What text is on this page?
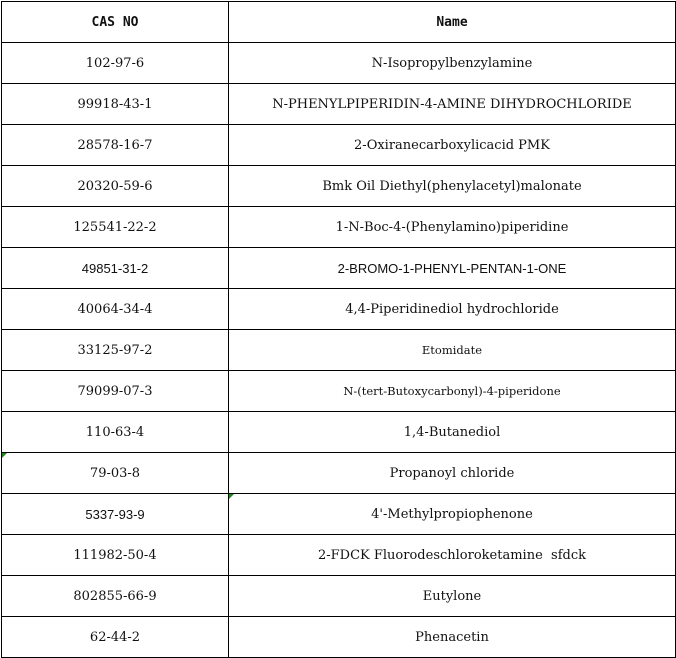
CAS NO	Name
102-97-6	N-Isopropylbenzylamine
99918-43-1	N-PHENYLPIPERIDIN-4-AMINE DIHYDROCHLORIDE
28578-16-7	2-Oxiranecarboxylicacid PMK
20320-59-6	Bmk Oil Diethyl(phenylacetyl)malonate
125541-22-2	1-N-Boc-4-(Phenylamino)piperidine
49851-31-2	2-BROMO-1-PHENYL-PENTAN-1-ONE
40064-34-4	4,4-Piperidinediol hydrochloride
33125-97-2	Etomidate
79099-07-3	N-(tert-Butoxycarbonyl)-4-piperidone
110-63-4	1,4-Butanediol

79-03-8	Propanoyl chloride
5337-93-9	4'-Methylpropiophenone
111982-50-4	2-FDCK Fluorodeschloroketamine  sfdck
802855-66-9	Eutylone
62-44-2	Phenacetin
